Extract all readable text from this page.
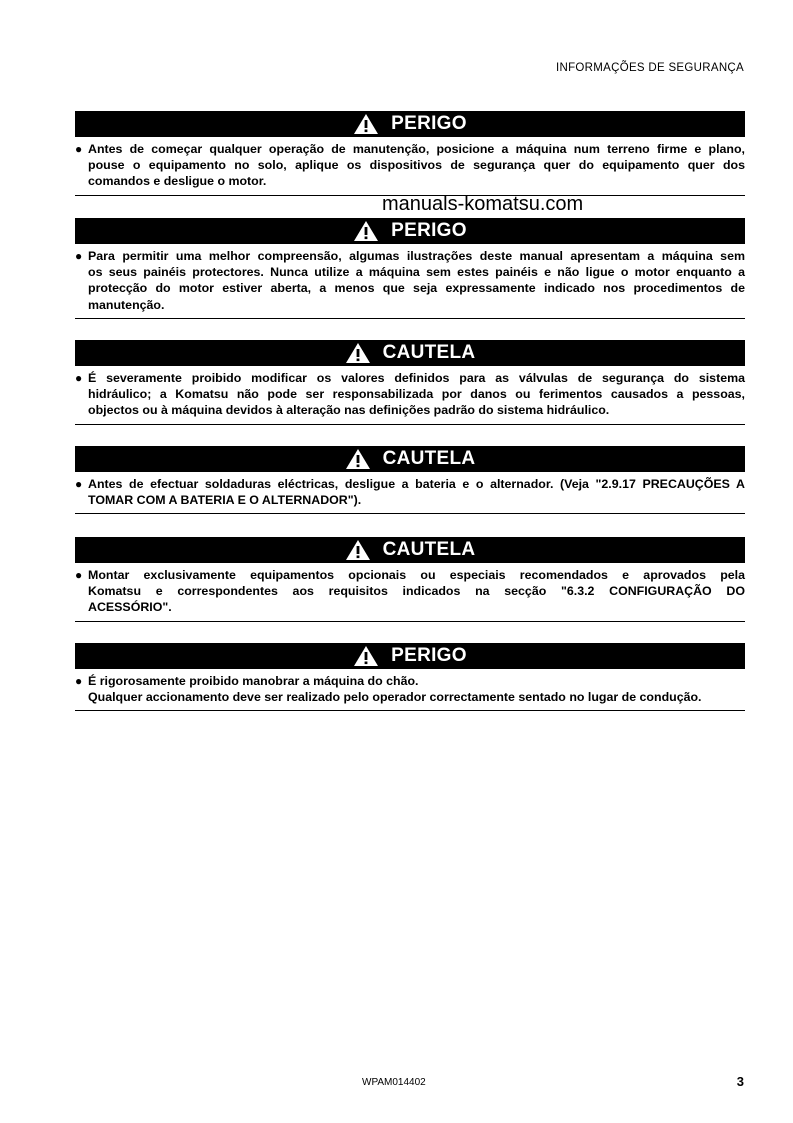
INFORMAÇÕES DE SEGURANÇA
manuals-komatsu.com
PERIGO
● Antes de começar qualquer operação de manutenção, posicione a máquina num terreno firme e plano,
pouse o equipamento no solo, aplique os dispositivos de segurança quer do equipamento quer dos
comandos e desligue o motor.
PERIGO
● Para permitir uma melhor compreensão, algumas ilustrações deste manual apresentam a máquina sem
os seus painéis protectores. Nunca utilize a máquina sem estes painéis e não ligue o motor enquanto a
protecção do motor estiver aberta, a menos que seja expressamente indicado nos procedimentos de
manutenção.
CAUTELA
● É severamente proibido modificar os valores definidos para as válvulas de segurança do sistema
hidráulico; a Komatsu não pode ser responsabilizada por danos ou ferimentos causados a pessoas,
objectos ou à máquina devidos à alteração nas definições padrão do sistema hidráulico.
CAUTELA
● Antes de efectuar soldaduras eléctricas, desligue a bateria e o alternador. (Veja "2.9.17 PRECAUÇÕES A
TOMAR COM A BATERIA E O ALTERNADOR").
CAUTELA
● Montar exclusivamente equipamentos opcionais ou especiais recomendados e aprovados pela
Komatsu e correspondentes aos requisitos indicados na secção "6.3.2 CONFIGURAÇÃO DO
ACESSÓRIO".
PERIGO
● É rigorosamente proibido manobrar a máquina do chão.
Qualquer accionamento deve ser realizado pelo operador correctamente sentado no lugar de condução.
WPAM014402	3
